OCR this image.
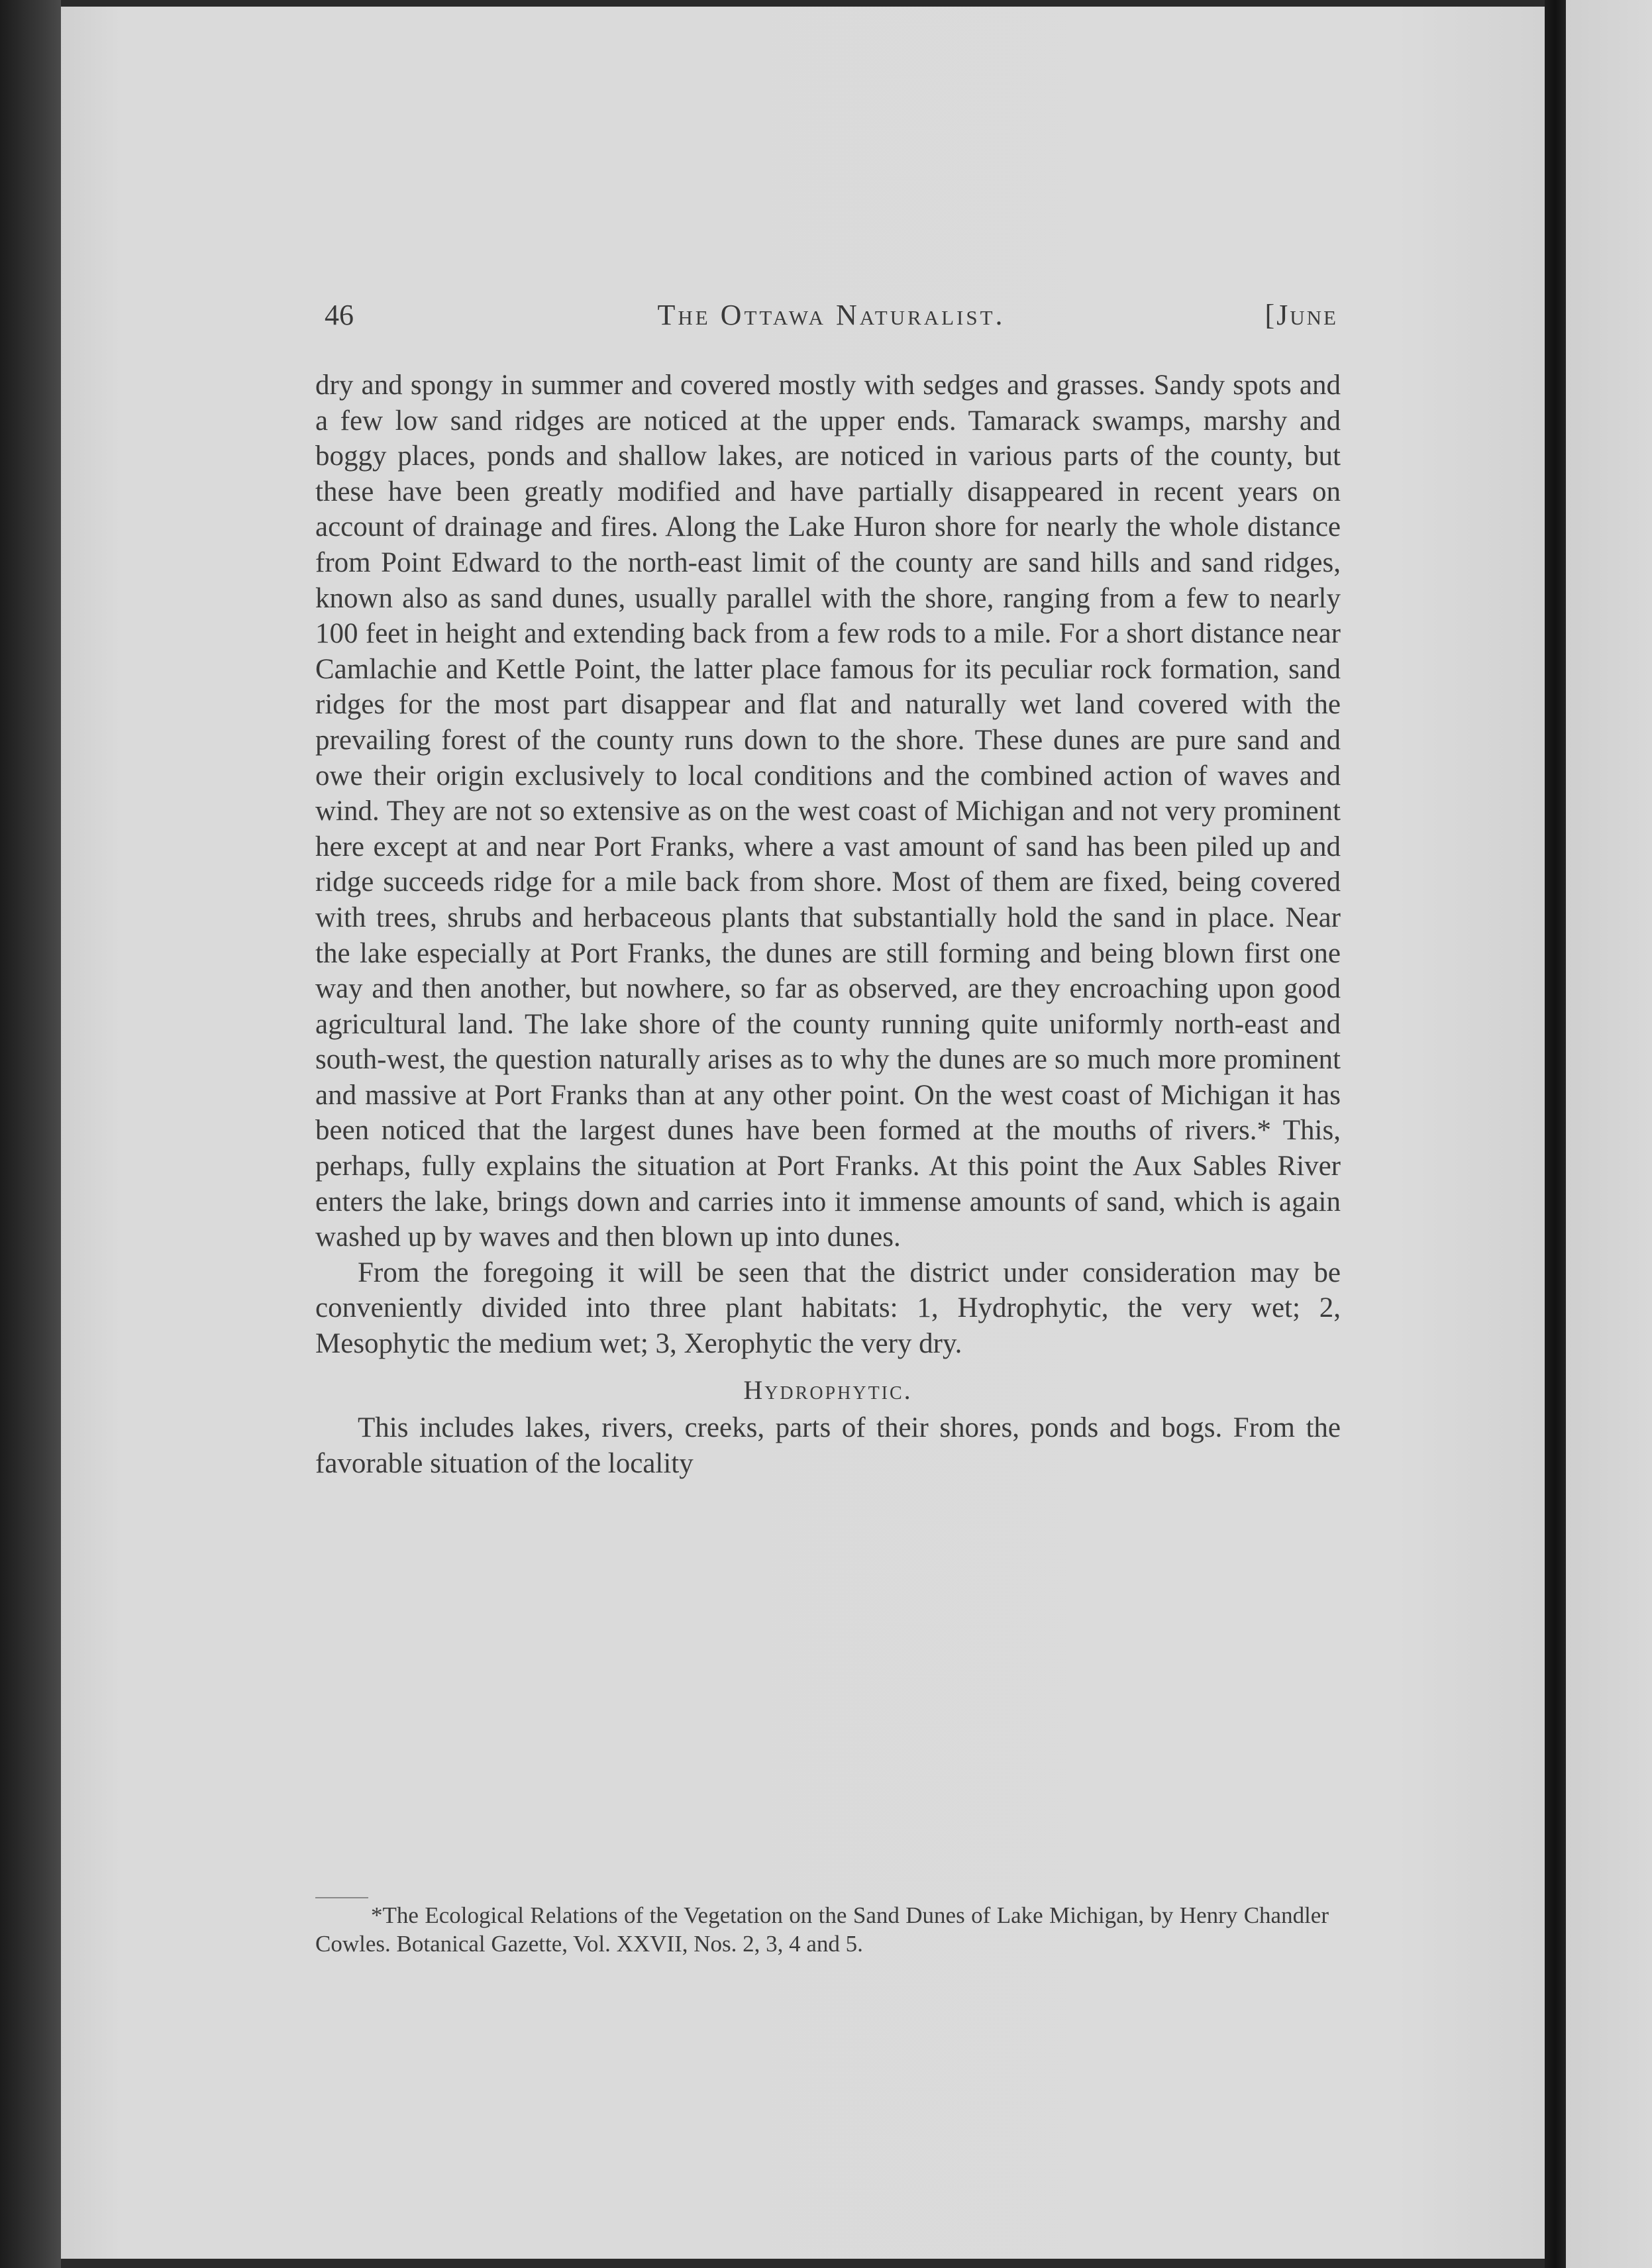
46	The Ottawa Naturalist.	[June

dry and spongy in summer and covered mostly with sedges and grasses. Sandy spots and a few low sand ridges are noticed at the upper ends. Tamarack swamps, marshy and boggy places, ponds and shallow lakes, are noticed in various parts of the county, but these have been greatly modified and have partially disappeared in recent years on account of drainage and fires. Along the Lake Huron shore for nearly the whole distance from Point Edward to the north-east limit of the county are sand hills and sand ridges, known also as sand dunes, usually parallel with the shore, ranging from a few to nearly 100 feet in height and extending back from a few rods to a mile. For a short distance near Camlachie and Kettle Point, the latter place famous for its peculiar rock formation, sand ridges for the most part disappear and flat and naturally wet land covered with the prevailing forest of the county runs down to the shore. These dunes are pure sand and owe their origin exclusively to local conditions and the combined action of waves and wind. They are not so extensive as on the west coast of Michigan and not very prominent here except at and near Port Franks, where a vast amount of sand has been piled up and ridge succeeds ridge for a mile back from shore. Most of them are fixed, being covered with trees, shrubs and herbaceous plants that substantially hold the sand in place. Near the lake especially at Port Franks, the dunes are still forming and being blown first one way and then another, but nowhere, so far as observed, are they encroaching upon good agricultural land. The lake shore of the county running quite uniformly north-east and south-west, the question naturally arises as to why the dunes are so much more prominent and massive at Port Franks than at any other point. On the west coast of Michigan it has been noticed that the largest dunes have been formed at the mouths of rivers.* This, perhaps, fully explains the situation at Port Franks. At this point the Aux Sables River enters the lake, brings down and carries into it immense amounts of sand, which is again washed up by waves and then blown up into dunes.

From the foregoing it will be seen that the district under consideration may be conveniently divided into three plant habitats: 1, Hydrophytic, the very wet; 2, Mesophytic the medium wet; 3, Xerophytic the very dry.

Hydrophytic.

This includes lakes, rivers, creeks, parts of their shores, ponds and bogs. From the favorable situation of the locality

*The Ecological Relations of the Vegetation on the Sand Dunes of Lake Michigan, by Henry Chandler Cowles. Botanical Gazette, Vol. XXVII, Nos. 2, 3, 4 and 5.
